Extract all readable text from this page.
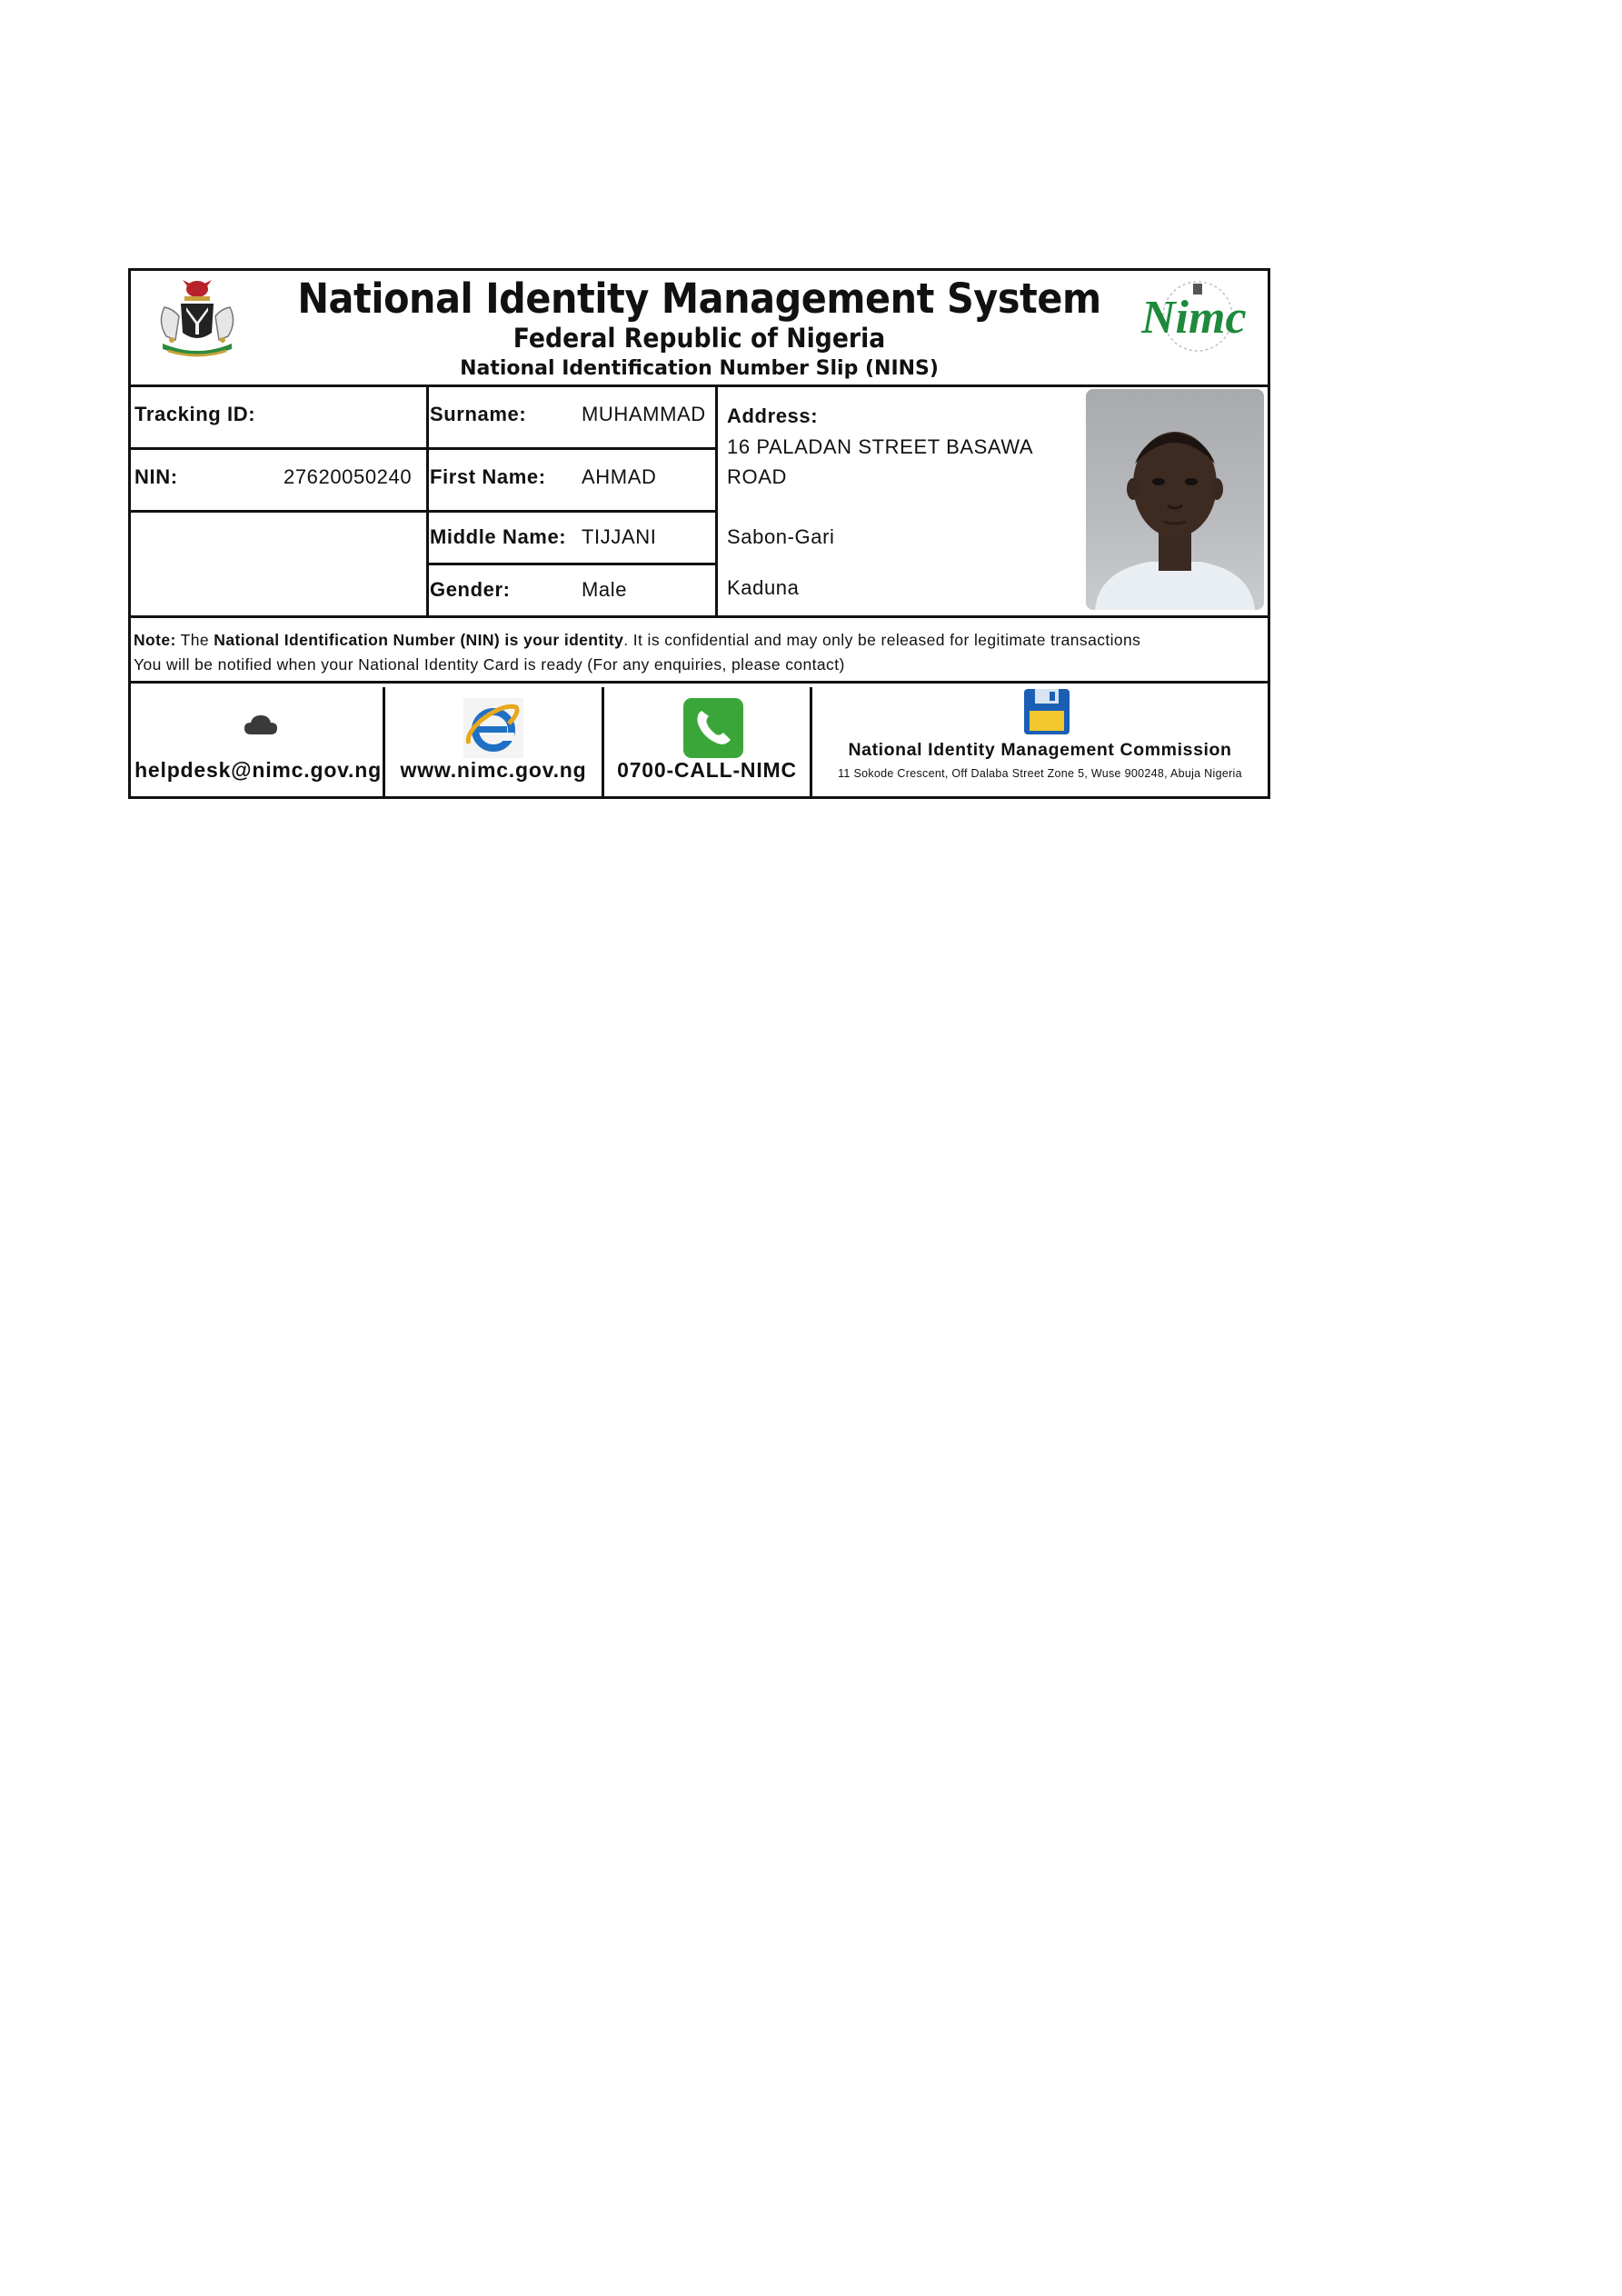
National Identity Management System
Federal Republic of Nigeria
National Identification Number Slip (NINS)
Nimc
Tracking ID:
NIN:	27620050240
Surname:	MUHAMMAD
First Name: AHMAD
Middle Name: TIJJANI
Gender:	Male
Address:
16 PALADAN STREET BASAWA
ROAD
Sabon-Gari
Kaduna
Note: The National Identification Number (NIN) is your identity. It is confidential and may only be released for legitimate transactions
You will be notified when your National Identity Card is ready (For any enquiries, please contact)
helpdesk@nimc.gov.ng www.nimc.gov.ng	0700-CALL-NIMC
National Identity Management Commission
11 Sokode Crescent, Off Dalaba Street Zone 5, Wuse 900248, Abuja Nigeria
